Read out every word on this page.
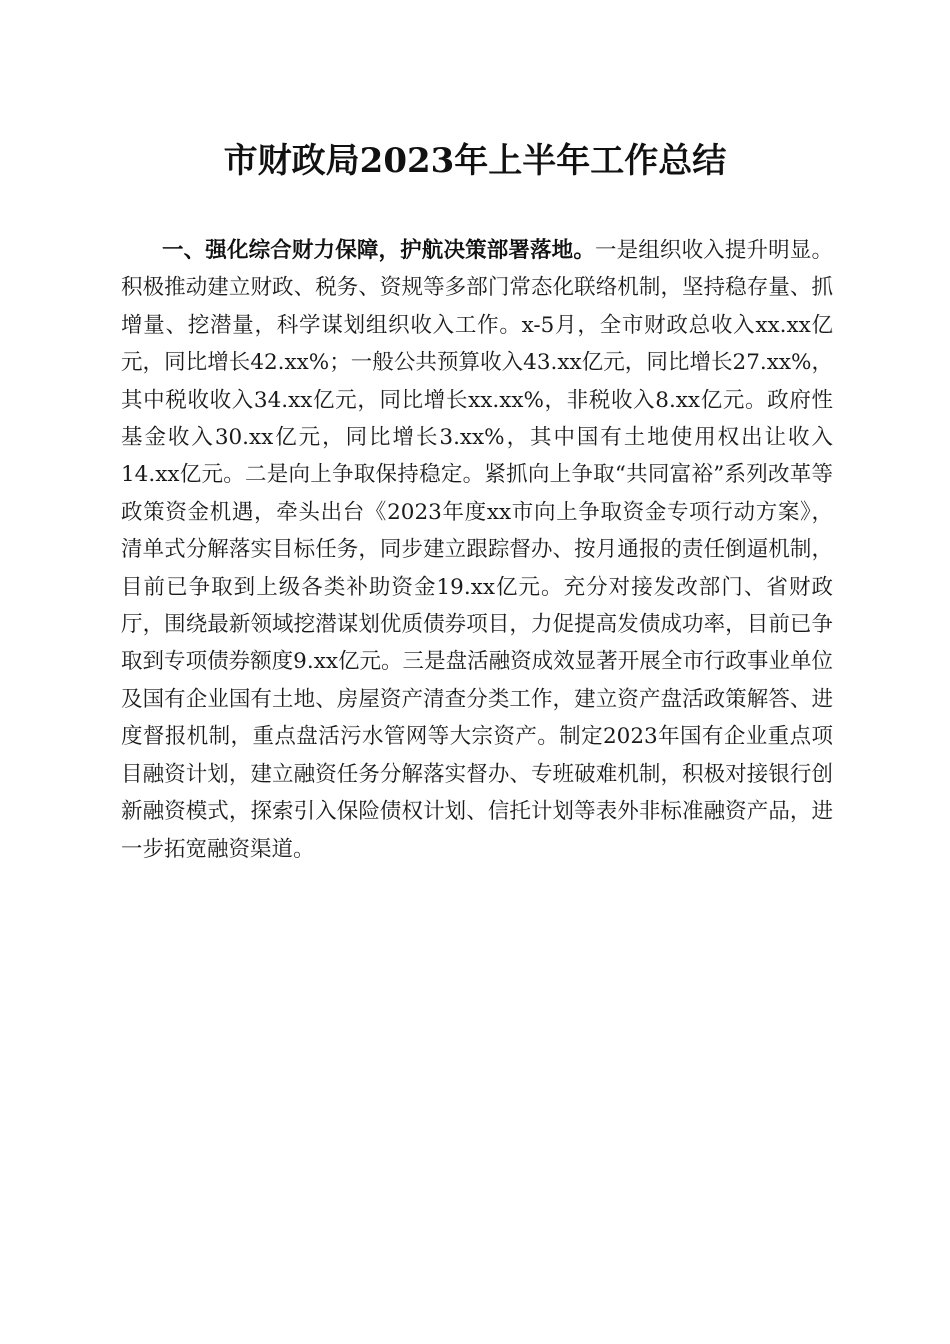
市财政局2023年上半年工作总结

一、强化综合财力保障，护航决策部署落地。一是组织收入提升明显。积极推动建立财政、税务、资规等多部门常态化联络机制，坚持稳存量、抓增量、挖潜量，科学谋划组织收入工作。x-5月，全市财政总收入xx.xx亿元，同比增长42.xx%；一般公共预算收入43.xx亿元，同比增长27.xx%，其中税收收入34.xx亿元，同比增长xx.xx%，非税收入8.xx亿元。政府性基金收入30.xx亿元，同比增长3.xx%，其中国有土地使用权出让收入14.xx亿元。二是向上争取保持稳定。紧抓向上争取“共同富裕”系列改革等政策资金机遇，牵头出台《2023年度xx市向上争取资金专项行动方案》，清单式分解落实目标任务，同步建立跟踪督办、按月通报的责任倒逼机制，目前已争取到上级各类补助资金19.xx亿元。充分对接发改部门、省财政厅，围绕最新领域挖潜谋划优质债券项目，力促提高发债成功率，目前已争取到专项债券额度9.xx亿元。三是盘活融资成效显著开展全市行政事业单位及国有企业国有土地、房屋资产清查分类工作，建立资产盘活政策解答、进度督报机制，重点盘活污水管网等大宗资产。制定2023年国有企业重点项目融资计划，建立融资任务分解落实督办、专班破难机制，积极对接银行创新融资模式，探索引入保险债权计划、信托计划等表外非标准融资产品，进一步拓宽融资渠道。
